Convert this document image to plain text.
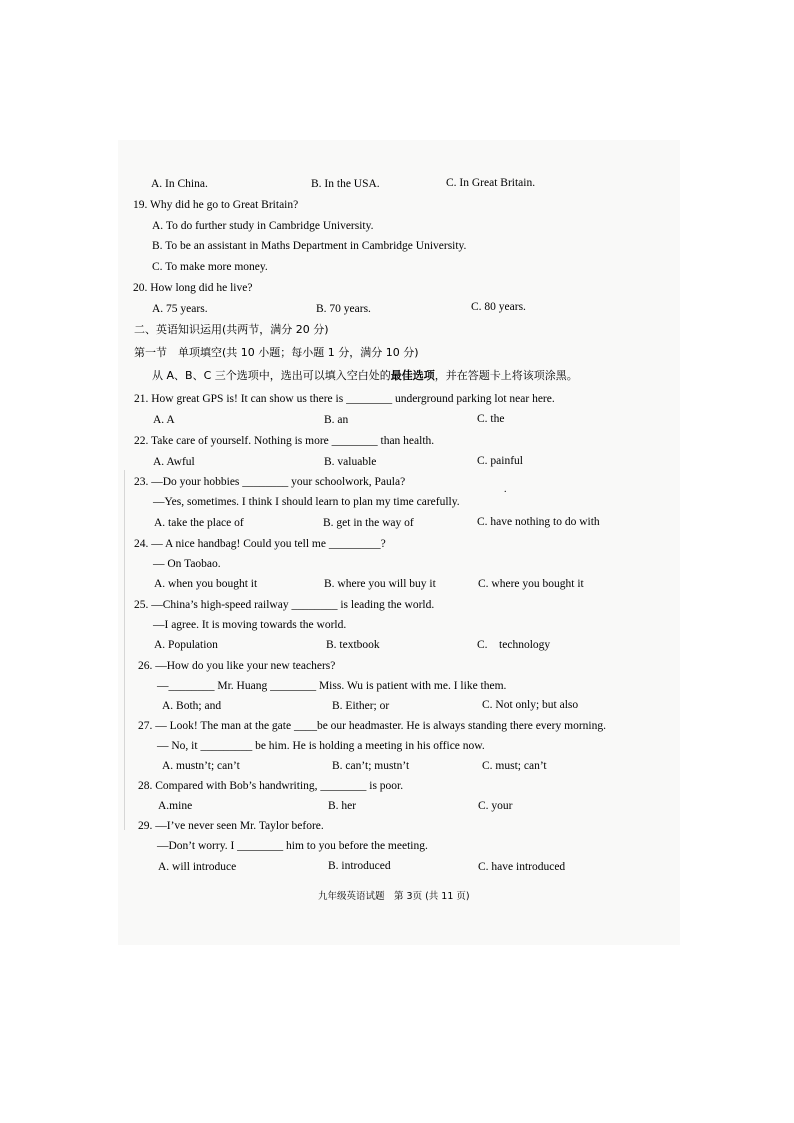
A. In China.	B. In the USA.	C. In Great Britain.
19. Why did he go to Great Britain?
A. To do further study in Cambridge University.
B. To be an assistant in Maths Department in Cambridge University.
C. To make more money.
20. How long did he live?
A. 75 years.	B. 70 years.	C. 80 years.
二、英语知识运用(共两节，满分 20 分)
第一节　单项填空(共 10 小题；每小题 1 分，满分 10 分)
从 A、B、C 三个选项中，选出可以填入空白处的最佳选项，并在答题卡上将该项涂黑。
21. How great GPS is! It can show us there is ________ underground parking lot near here.
A. A	B. an	C. the
22. Take care of yourself. Nothing is more ________ than health.
A. Awful	B. valuable	C. painful
23. —Do your hobbies ________ your schoolwork, Paula?
.
—Yes, sometimes. I think I should learn to plan my time carefully.
A. take the place of	B. get in the way of	C. have nothing to do with
24. — A nice handbag! Could you tell me _________?
— On Taobao.
A. when you bought it	B. where you will buy it	C. where you bought it
25. —China’s high-speed railway ________ is leading the world.
—I agree. It is moving towards the world.
A. Population	B. textbook	C.　technology
26. —How do you like your new teachers?
—________ Mr. Huang ________ Miss. Wu is patient with me. I like them.
A. Both; and	B. Either; or	C. Not only; but also
27. — Look! The man at the gate ____be our headmaster. He is always standing there every morning.
— No, it _________ be him. He is holding a meeting in his office now.
A. mustn’t; can’t	B. can’t; mustn’t	C. must; can’t
28. Compared with Bob’s handwriting, ________ is poor.
A.mine	B. her	C. your
29. —I’ve never seen Mr. Taylor before.
—Don’t worry. I ________ him to you before the meeting.
A. will introduce	B. introduced	C. have introduced
九年级英语试题　第 3页 (共 11 页)
